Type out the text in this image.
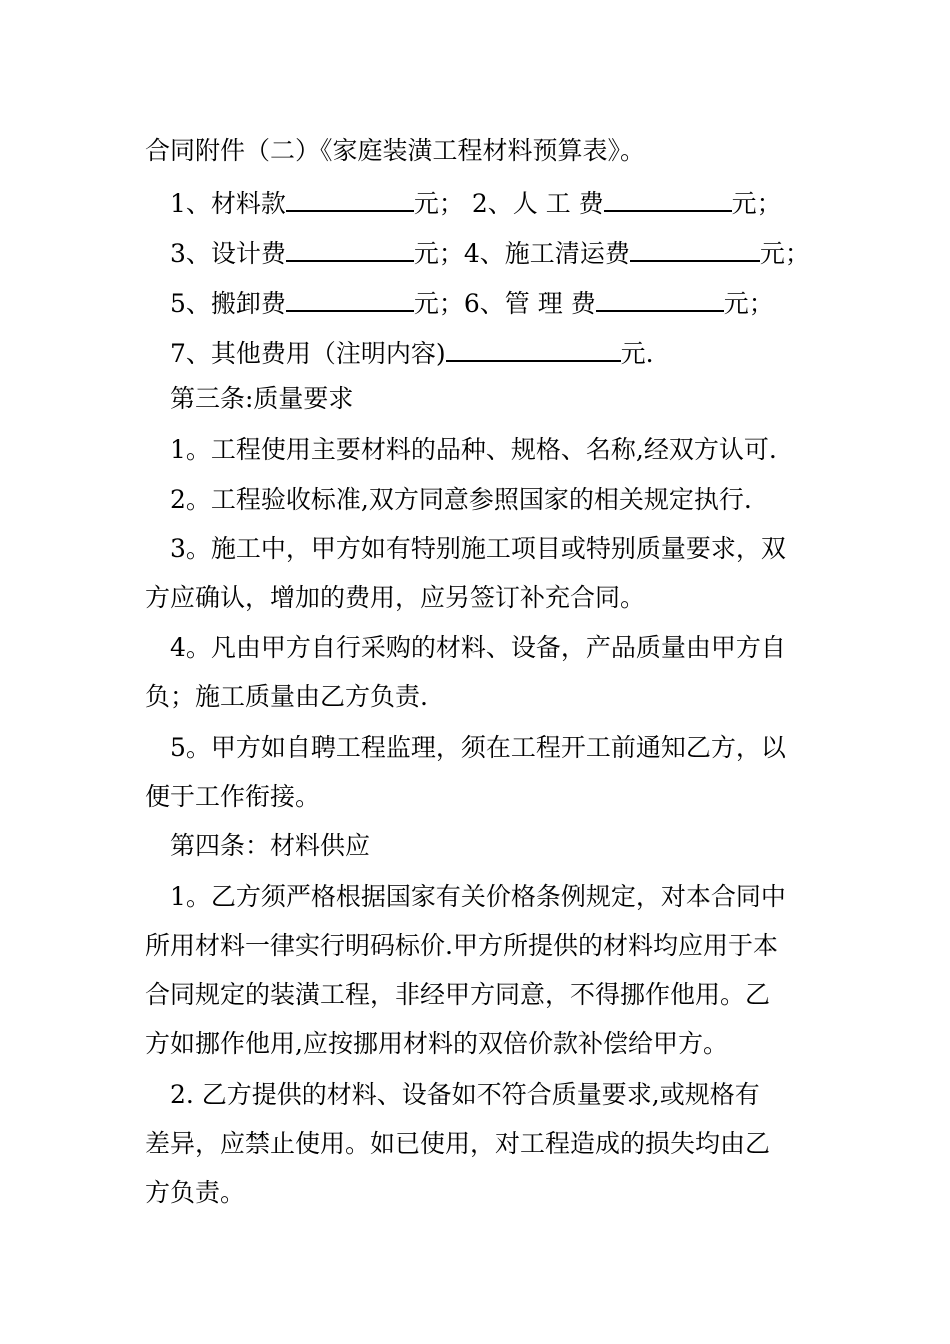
合同附件（二）《家庭装潢工程材料预算表》。
1、材料款	元； 2、人 工 费	元；
3、设计费	元；4、施工清运费	元；
5、搬卸费	元；6、管 理 费	元；
7、其他费用（注明内容)	元.
第三条:质量要求
1。工程使用主要材料的品种、规格、名称,经双方认可.
2。工程验收标准,双方同意参照国家的相关规定执行.
3。施工中，甲方如有特别施工项目或特别质量要求，双
方应确认，增加的费用，应另签订补充合同。
4。凡由甲方自行采购的材料、设备，产品质量由甲方自
负；施工质量由乙方负责.
5。甲方如自聘工程监理，须在工程开工前通知乙方，以
便于工作衔接。
第四条：材料供应
1。乙方须严格根据国家有关价格条例规定，对本合同中
所用材料一律实行明码标价.甲方所提供的材料均应用于本
合同规定的装潢工程，非经甲方同意，不得挪作他用。乙
方如挪作他用,应按挪用材料的双倍价款补偿给甲方。
2. 乙方提供的材料、设备如不符合质量要求,或规格有
差异，应禁止使用。如已使用，对工程造成的损失均由乙
方负责。
